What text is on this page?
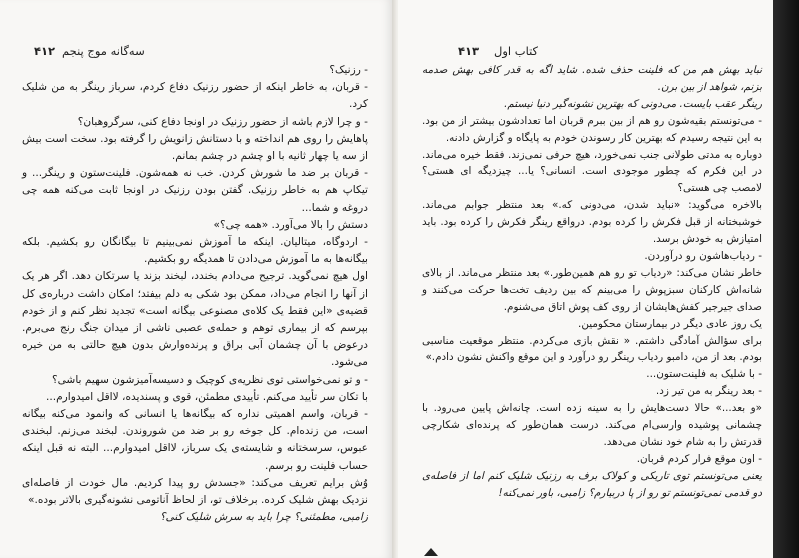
۴۱۲ سه‌گانه موج پنجم

- رزنیک؟

- قربان، به خاطر اینکه از حضور رزنیک دفاع کردم، سرباز رینگر به من شلیک کرد.

- و چرا لازم باشه از حضور رزنیک در اونجا دفاع کنی، سرگروهبان؟

پاهایش را روی هم انداخته و با دستانش زانویش را گرفته بود. سخت است بیش از سه یا چهار ثانیه با او چشم در چشم بمانم.

- قربان بر ضد ما شورش کردن. خب نه همه‌شون. فلینت‌ستون و رینگر... و تیکاپ هم به خاطر رزنیک. گفتن بودن رزنیک در اونجا ثابت می‌کنه همه چی دروغه و شما...

دستش را بالا می‌آورد. «همه چی؟»

- اردوگاه، میتالیان. اینکه ما آموزش نمی‌بینیم تا بیگانگان رو بکشیم. بلکه بیگانه‌ها به ما آموزش می‌دادن تا همدیگه رو بکشیم.

اول هیچ نمی‌گوید. ترجیح می‌دادم بخندد، لبخند بزند یا سرتکان دهد. اگر هر یک از آنها را انجام می‌داد، ممکن بود شکی به دلم بیفتد؛ امکان داشت درباره‌ی کل قضیه‌ی «این فقط یک کلاه‌ی مصنوعی بیگانه است» تجدید نظر کنم و از خودم بپرسم که از بیماری توهم و حمله‌ی عصبی ناشی از میدان جنگ رنج می‌برم. درعوض با آن چشمان آبی براق و پرنده‌وارش بدون هیچ حالتی به من خیره می‌شود.

- و تو نمی‌خواستی توی نظریه‌ی کوچیک و دسیسه‌آمیزشون سهیم باشی؟

با تکان سر تأیید می‌کنم. تأییدی مطمئن، قوی و پسندیده، لااقل امیدوارم...

- قربان، واسم اهمیتی نداره که بیگانه‌ها یا انسانی که وانمود می‌کنه بیگانه است، من زنده‌ام. کل جوخه رو بر ضد من شوروندن. لبخند می‌زنم. لبخندی عبوس، سرسختانه و شایسته‌ی یک سرباز، لااقل امیدوارم... البته نه قبل اینکه حساب فلینت رو برسم.

وُش برایم تعریف می‌کند: «جسدش رو پیدا کردیم. مال خودت از فاصله‌ای نزدیک بهش شلیک کرده. برخلاف تو، از لحاظ آناتومی نشونه‌گیری بالاتر بوده.»

زامبی، مطمئنی؟ چرا باید به سرش شلیک کنی؟

۴۱۳ کتاب اول

نباید بهش‌ هم من که فلینت حذف شده. شاید اگه به قدر کافی بهش صدمه بزنم، شواهد از بین برن.

رینگر عقب بایست. می‌دونی که بهترین نشونه‌گیر دنیا نیستم.

- می‌تونستم بقیه‌شون رو هم از بین ببرم قربان اما تعدادشون بیشتر از من بود. به این نتیجه رسیدم که بهترین کار رسوندن خودم به پایگاه و گزارش دادنه.

دوباره به مدتی طولانی جنب نمی‌خورد، هیچ حرفی نمی‌زند. فقط خیره می‌ماند. در این فکرم که چطور موجودی است. انسانی؟ یا... چیزدیگه ای هستی؟ لامصب چی هستی؟

بالاخره می‌گوید: «نباید شدن، می‌دونی که.» بعد منتظر جوابم می‌ماند. خوشبختانه از قبل فکرش را کرده بودم. درواقع رینگر فکرش را کرده بود. باید امتیازش به خودش برسد.

- ردیاب‌هاشون رو درآوردن.

خاطر نشان می‌کند: «ردیاب تو رو هم همین‌طور.» بعد منتظر می‌ماند. از بالای شانه‌اش کارکنان سبزپوش را می‌بینم که بین ردیف تخت‌ها حرکت می‌کنند و صدای جیرجیر کفش‌هایشان از روی کف پوش اتاق می‌شنوم.

یک روز عادی دیگر در بیمارستان محکومین.

برای سؤالش آمادگی داشتم. « نقش بازی می‌کردم. منتظر موقعیت مناسبی بودم. بعد از من، دامبو ردیاب رینگر رو درآورد و این موقع واکنش نشون دادم.»

- با شلیک به فلینت‌ستون...

- بعد رینگر به من تیر زد.

«و بعد...» حالا دست‌هایش را به سینه زده است. چانه‌اش پایین می‌رود. با چشمانی پوشیده وارسی‌ام می‌کند. درست همان‌طور که پرنده‌ای شکارچی قدرتش را به شام خود نشان می‌دهد.

- اون موقع فرار کردم قربان.

یعنی می‌تونستم توی تاریکی و کولاک برف به رزنیک شلیک کنم اما از فاصله‌ی دو قدمی نمی‌تونستم تو رو از پا دربیارم؟ زامبی، باور نمی‌کنه!
